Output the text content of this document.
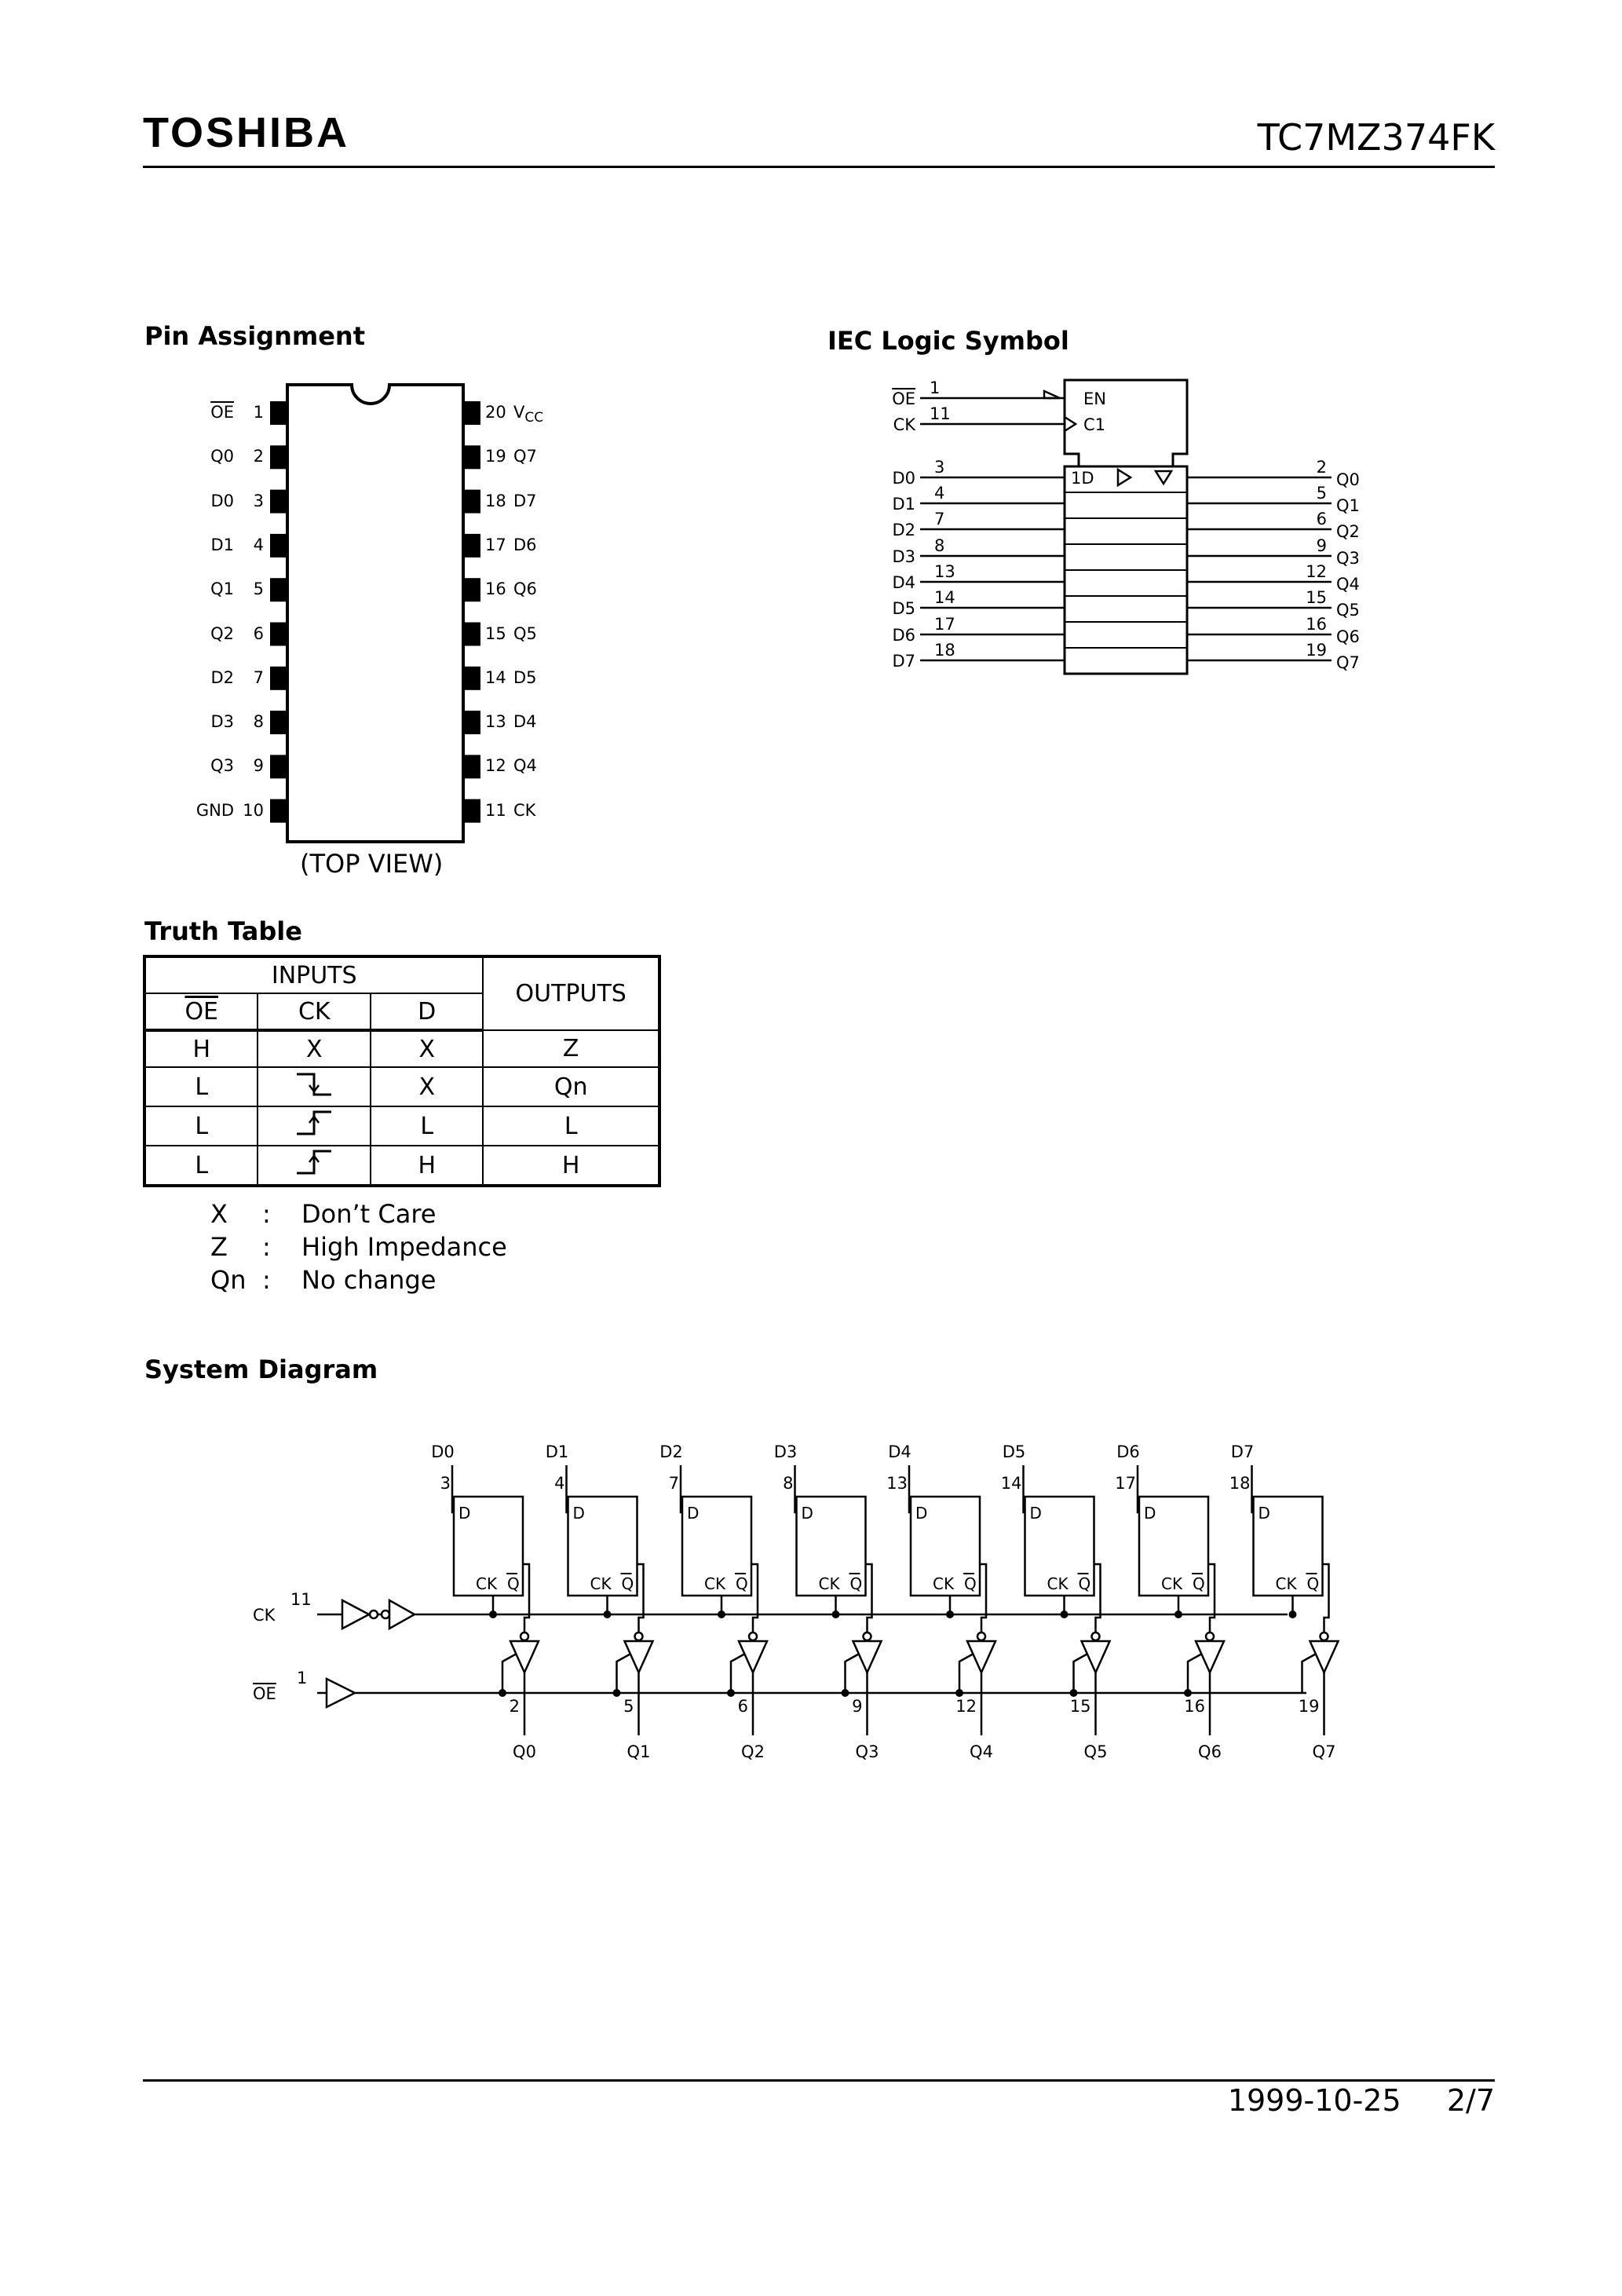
TOSHIBA	TC7MZ374FK
Pin Assignment	IEC Logic Symbol
Truth Table
System Diagram
$\overline{OE}$ 1
Q0 2
D0 3
D1 4
Q1 5
Q2 6
D2 7
D3 8
Q3 9
GND 10
20 $V_{CC}$
19 Q7
18 D7
17 D6
16 Q6
15 Q5
14 D5
13 D4
12 Q4
11 CK
(TOP VIEW)
OE
1
EN
CK
11
C1
1D
D0
3
D1
4
D2
7
D3
8
D4
13
D5
14
D6
17
D7
18
2
Q0
5
Q1
6
Q2
9
Q3
12
Q4
15
Q5
16
Q6
19
Q7
INPUTS			OUTPUTS
$\overline{OE}$	CK	D	
H	X	X	Z
L		X	Qn
L		L	L
L		H	H
X : Don’t Care
Z : High Impedance
Qn : No change
CK
11
OE
1
D0
3
D
CK Q
2
Q0
D1
4
D
CK Q
5
Q1
D2
7
D
CK Q
6
Q2
D3
8
D
CK Q
9
Q3
D4
13
D
CK Q
12
Q4
D5
14
D
CK Q
15
Q5
D6
17
D
CK Q
16
Q6
D7
18
D
CK Q
19
Q7
1999-10-25 2/7
